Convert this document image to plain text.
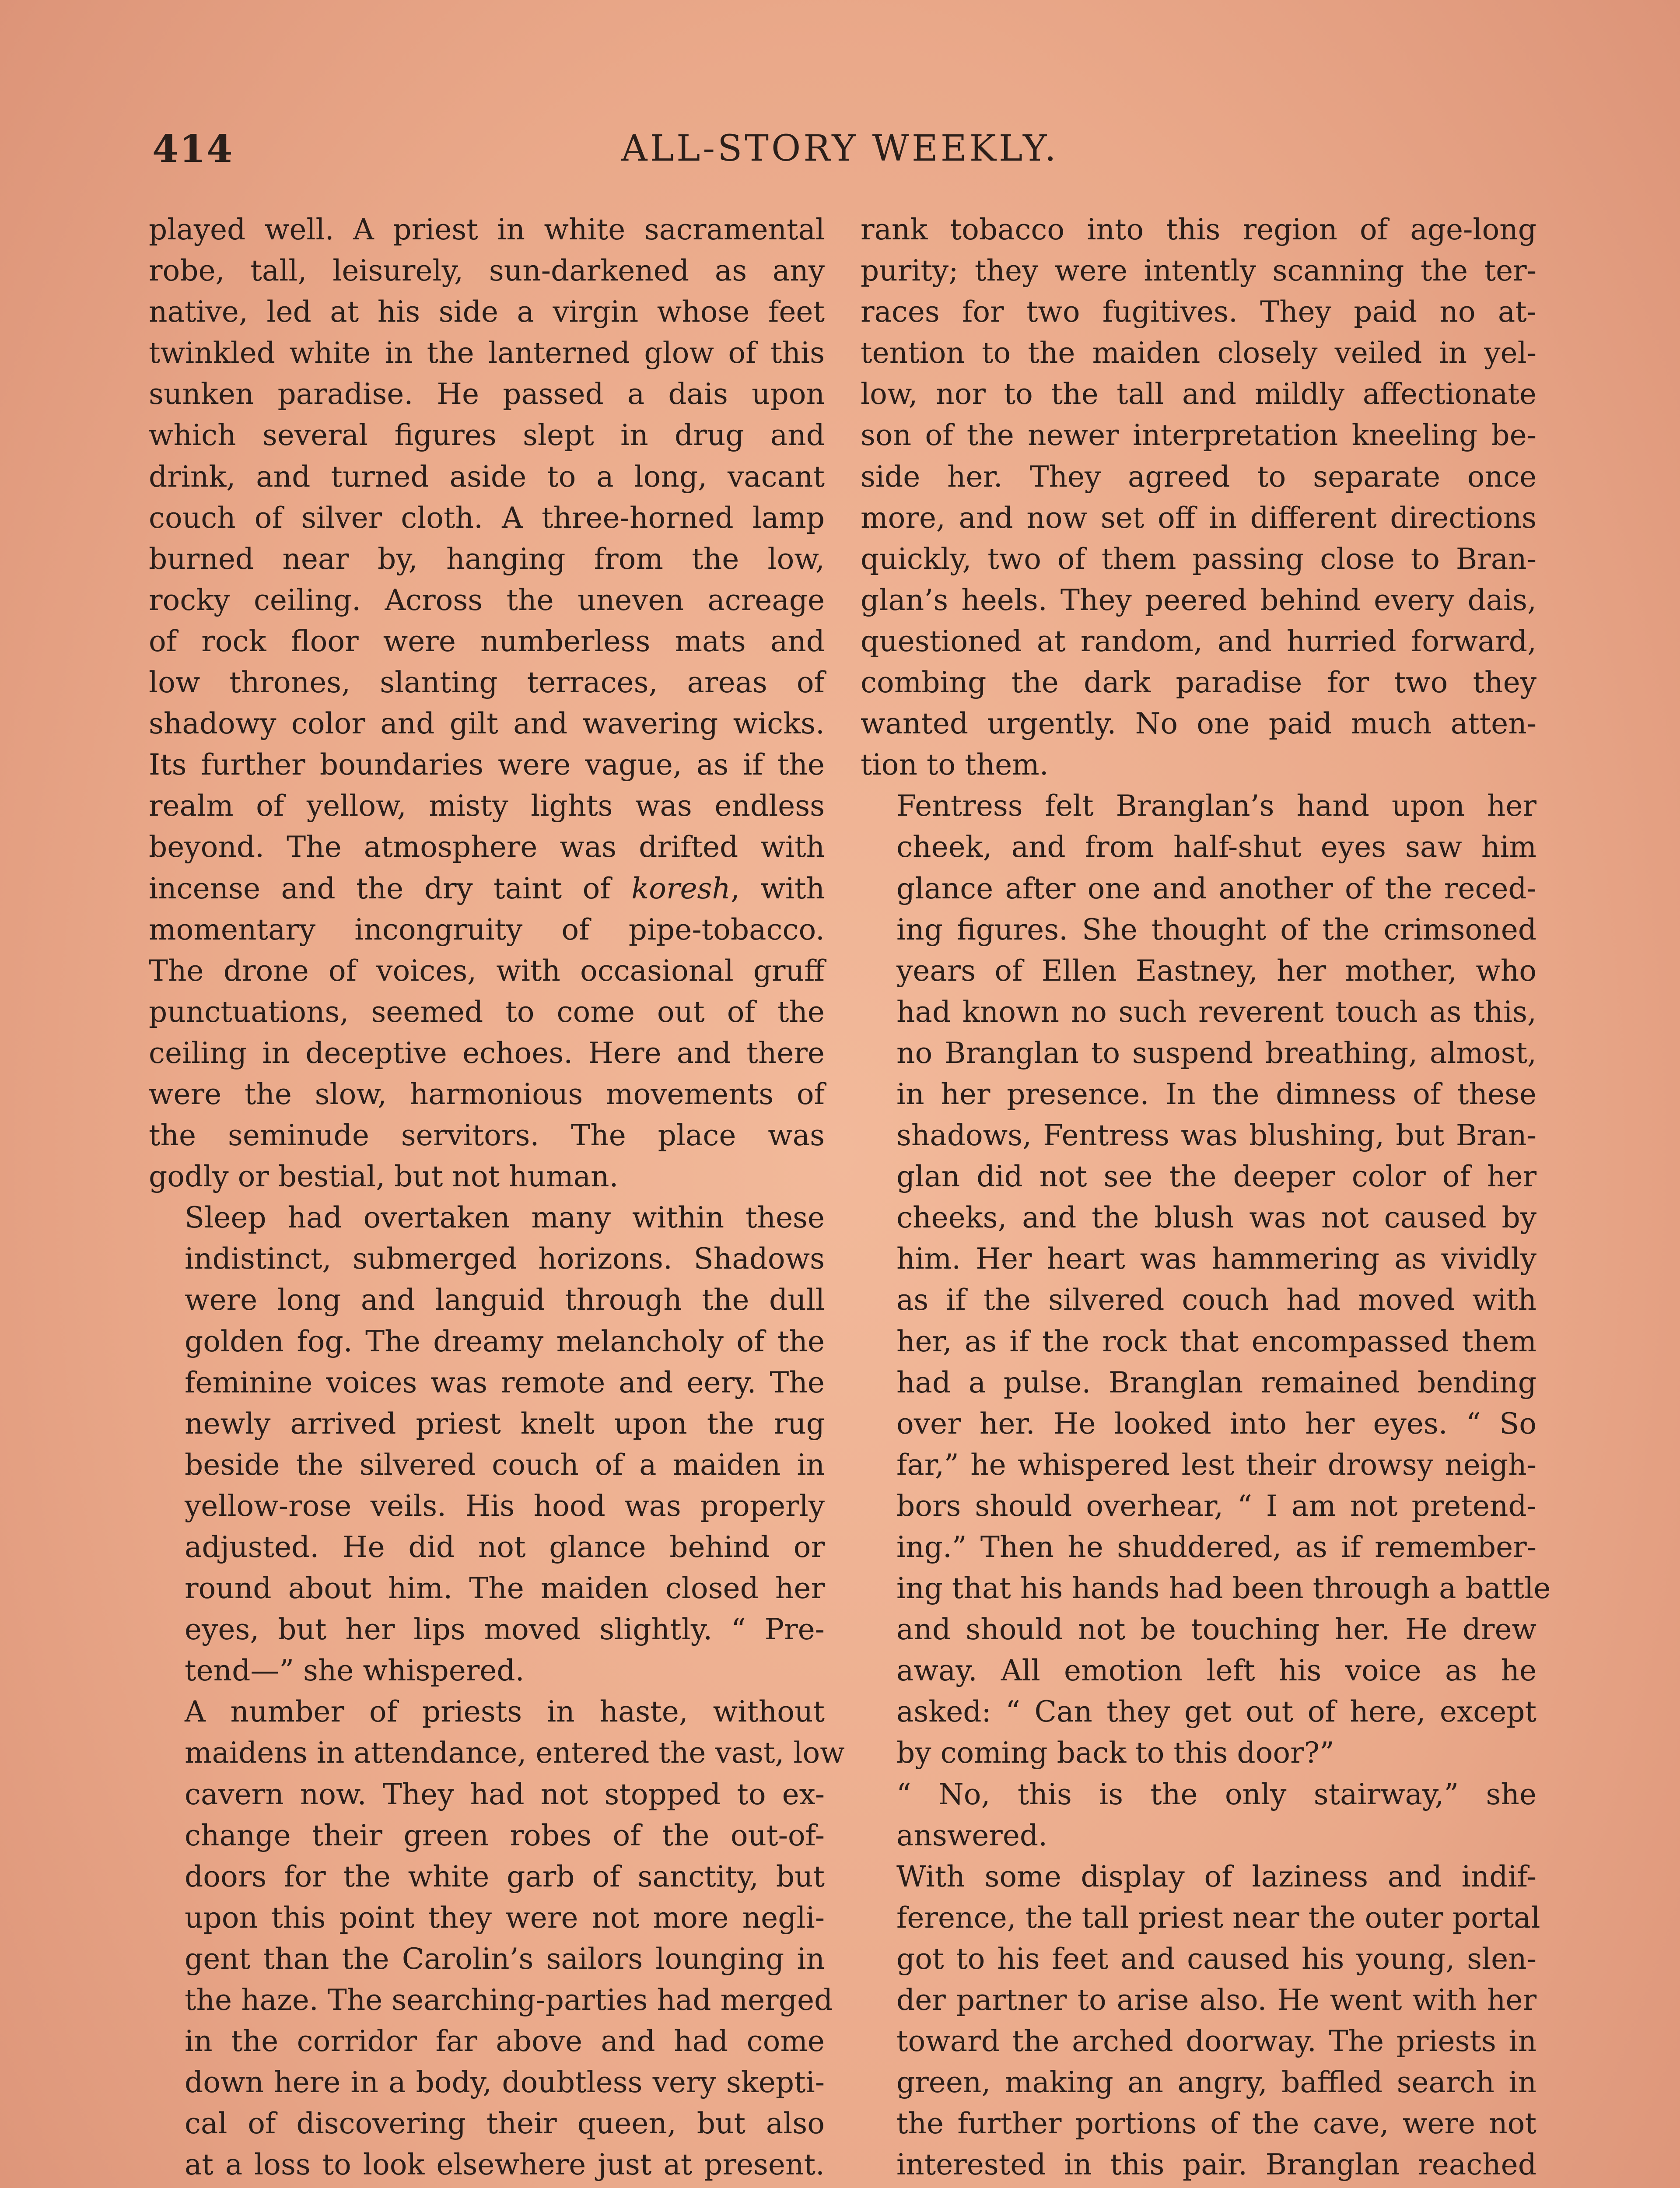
414	ALL-STORY WEEKLY.

played well. A priest in white sacramental
robe, tall, leisurely, sun-darkened as any
native, led at his side a virgin whose feet
twinkled white in the lanterned glow of this
sunken paradise. He passed a dais upon
which several figures slept in drug and
drink, and turned aside to a long, vacant
couch of silver cloth. A three-horned lamp
burned near by, hanging from the low,
rocky ceiling. Across the uneven acreage
of rock floor were numberless mats and
low thrones, slanting terraces, areas of
shadowy color and gilt and wavering wicks.
Its further boundaries were vague, as if the
realm of yellow, misty lights was endless
beyond. The atmosphere was drifted with
incense and the dry taint of koresh, with
momentary incongruity of pipe-tobacco.
The drone of voices, with occasional gruff
punctuations, seemed to come out of the
ceiling in deceptive echoes. Here and there
were the slow, harmonious movements of
the seminude servitors. The place was
godly or bestial, but not human.

Sleep had overtaken many within these
indistinct, submerged horizons. Shadows
were long and languid through the dull
golden fog. The dreamy melancholy of the
feminine voices was remote and eery. The
newly arrived priest knelt upon the rug
beside the silvered couch of a maiden in
yellow-rose veils. His hood was properly
adjusted. He did not glance behind or
round about him. The maiden closed her
eyes, but her lips moved slightly. “ Pre-
tend—” she whispered.

A number of priests in haste, without
maidens in attendance, entered the vast, low
cavern now. They had not stopped to ex-
change their green robes of the out-of-
doors for the white garb of sanctity, but
upon this point they were not more negli-
gent than the Carolin’s sailors lounging in
the haze. The searching-parties had merged
in the corridor far above and had come
down here in a body, doubtless very skepti-
cal of discovering their queen, but also
at a loss to look elsewhere just at present.

rank tobacco into this region of age-long
purity; they were intently scanning the ter-
races for two fugitives. They paid no at-
tention to the maiden closely veiled in yel-
low, nor to the tall and mildly affectionate
son of the newer interpretation kneeling be-
side her. They agreed to separate once
more, and now set off in different directions
quickly, two of them passing close to Bran-
glan’s heels. They peered behind every dais,
questioned at random, and hurried forward,
combing the dark paradise for two they
wanted urgently. No one paid much atten-
tion to them.

Fentress felt Branglan’s hand upon her
cheek, and from half-shut eyes saw him
glance after one and another of the reced-
ing figures. She thought of the crimsoned
years of Ellen Eastney, her mother, who
had known no such reverent touch as this,
no Branglan to suspend breathing, almost,
in her presence. In the dimness of these
shadows, Fentress was blushing, but Bran-
glan did not see the deeper color of her
cheeks, and the blush was not caused by
him. Her heart was hammering as vividly
as if the silvered couch had moved with
her, as if the rock that encompassed them
had a pulse. Branglan remained bending
over her. He looked into her eyes. “ So
far,” he whispered lest their drowsy neigh-
bors should overhear, “ I am not pretend-
ing.” Then he shuddered, as if remember-
ing that his hands had been through a battle
and should not be touching her. He drew
away. All emotion left his voice as he
asked: “ Can they get out of here, except
by coming back to this door?”

“ No, this is the only stairway,” she
answered.

With some display of laziness and indif-
ference, the tall priest near the outer portal
got to his feet and caused his young, slen-
der partner to arise also. He went with her
toward the arched doorway. The priests in
green, making an angry, baffled search in
the further portions of the cave, were not
interested in this pair. Branglan reached
